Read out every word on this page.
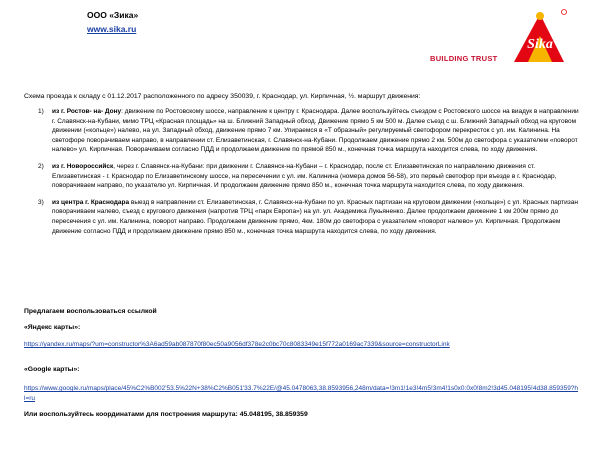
ООО «Зика»
www.sika.ru
BUILDING TRUST
Sika
Схема проезда к складу с 01.12.2017 расположенного по адресу 350039, г. Краснодар, ул. Кирпичная, ½. маршрут движения:
1) из г. Ростов- на- Дону: движение по Ростовскому шоссе, направление к центру г. Краснодара. Далее воспользуйтесь съездом с Ростовского шоссе на виадук в направлении г. Славянск-на-Кубани, мимо ТРЦ «Красная площадь» на ш. Ближний Западный обход. Движение прямо 5 км 500 м. Далее съезд с ш. Ближний Западный обход на круговом движении («кольце») налево, на ул. Западный обход, движение прямо 7 км. Упираемся в «Т образный» регулируемый светофором перекресток с ул. им. Калинина. На светофоре поворачиваем направо, в направлении ст. Елизаветинская, г. Славянск-на-Кубани. Продолжаем движение прямо 2 км. 500м до светофора с указателем «поворот налево» ул. Кирпичная. Поворачиваем согласно ПДД и продолжаем движение по прямой 850 м., конечная точка маршрута находится слева, по ходу движения.
2) из г. Новороссийск, через г. Славянск-на-Кубани: при движении г. Славянск-на-Кубани – г. Краснодар, после ст. Елизаветинская по направлению движения ст. Елизаветинская - г. Краснодар по Елизаветинскому шоссе, на пересечении с ул. им. Калинина (номера домов 56-58), это первый светофор при въезде в г. Краснодар, поворачиваем направо, по указателю ул. Кирпичная. И продолжаем движение прямо 850 м., конечная точка маршрута находится слева, по ходу движения.
3) из центра г. Краснодара выезд в направлении ст. Елизаветинская, г. Славянск-на-Кубани по ул. Красных партизан на круговом движении («кольце») с ул. Красных партизан поворачиваем налево, съезд с кругового движения (напротив ТРЦ «парк Европа») на ул. ул. Академика Лукьяненко. Далее продолжаем движение 1 км 200м прямо до пересечения с ул. им. Калинина, поворот направо. Продолжаем движение прямо, 4км. 180м до светофора с указателем «поворот налево» ул. Кирпичная. Продолжаем движение согласно ПДД и продолжаем движение прямо 850 м., конечная точка маршрута находится слева, по ходу движения.
Предлагаем воспользоваться ссылкой
«Яндекс карты»:
https://yandex.ru/maps/?um=constructor%3A6ad59ab087870f80ec50a9056df378e2c0bc70c8083349e15f772a0169ac7339&source=constructorLink
«Google карты»:
https://www.google.ru/maps/place/45%C2%B002'53.5%22N+38%C2%B051'33.7%22E/@45.0478063,38.8593956,248m/data=!3m1!1e3!4m5!3m4!1s0x0:0x0!8m2!3d45.048195!4d38.859359?hl=ru
Или воспользуйтесь координатами для построения маршрута: 45.048195, 38.859359
